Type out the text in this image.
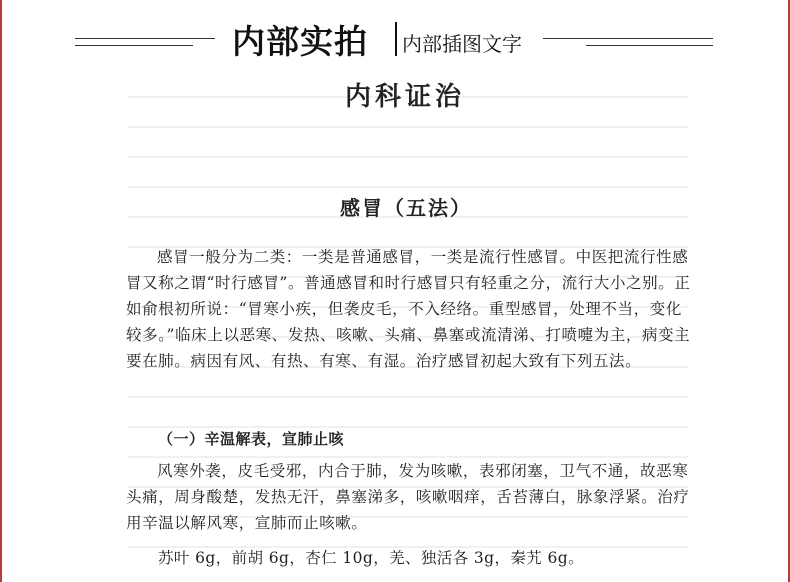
内部实拍 内部插图文字
内科证治
感冒（五法）

感冒一般分为二类：一类是普通感冒，一类是流行性感冒。中医把流行性感冒又称之谓“时行感冒”。普通感冒和时行感冒只有轻重之分，流行大小之别。正如俞根初所说：“冒寒小疾，但袭皮毛，不入经络。重型感冒，处理不当，变化较多。”临床上以恶寒、发热、咳嗽、头痛、鼻塞或流清涕、打喷嚏为主，病变主要在肺。病因有风、有热、有寒、有湿。治疗感冒初起大致有下列五法。

（一）辛温解表，宣肺止咳

风寒外袭，皮毛受邪，内合于肺，发为咳嗽，表邪闭塞，卫气不通，故恶寒头痛，周身酸楚，发热无汗，鼻塞涕多，咳嗽咽痒，舌苔薄白，脉象浮紧。治疗用辛温以解风寒，宣肺而止咳嗽。

苏叶 6g，前胡 6g，杏仁 10g，羌、独活各 3g，秦艽 6g。
